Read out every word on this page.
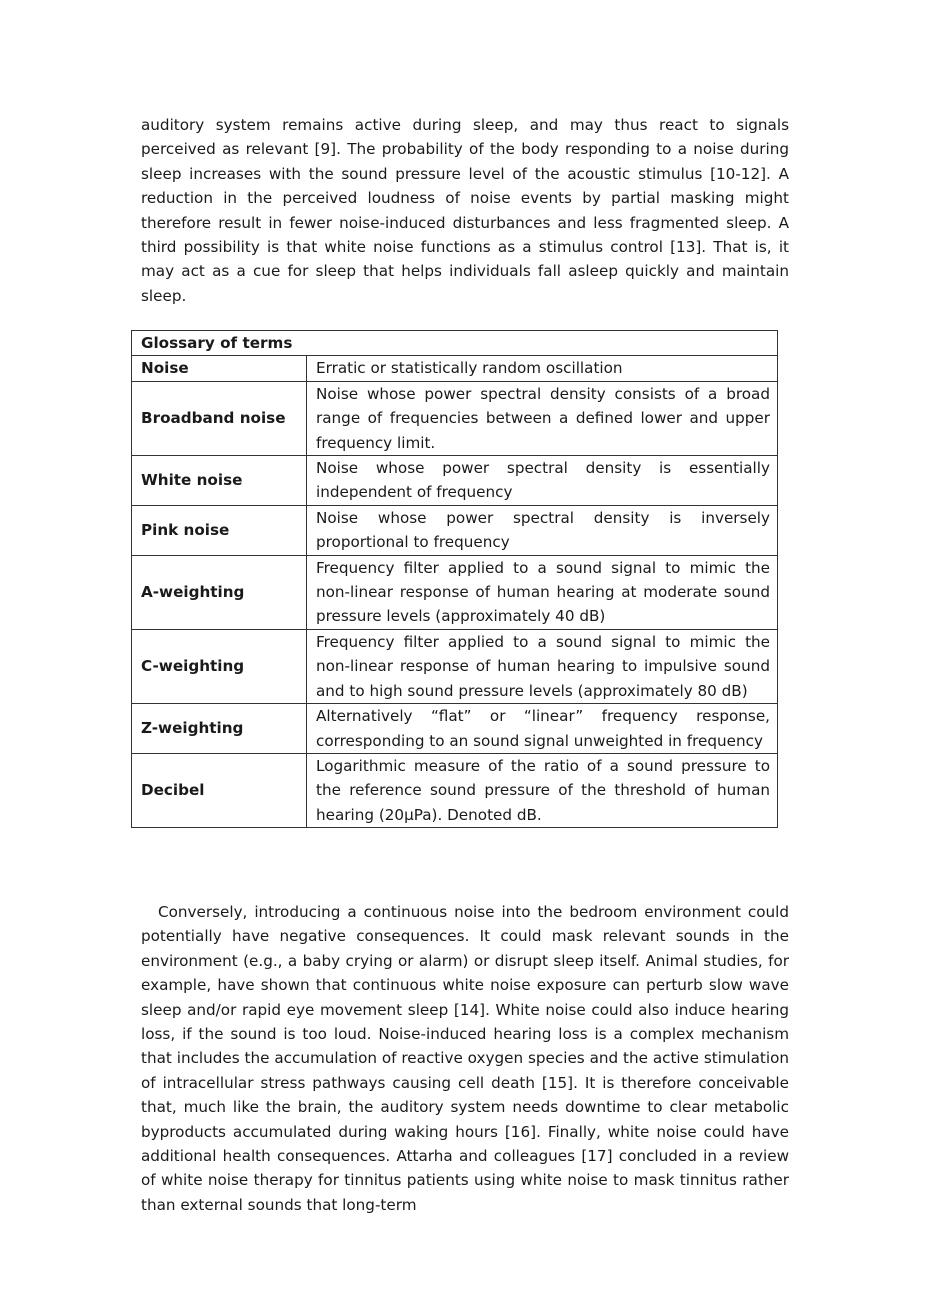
auditory system remains active during sleep, and may thus react to signals perceived as relevant [9]. The probability of the body responding to a noise during sleep increases with the sound pressure level of the acoustic stimulus [10-12]. A reduction in the perceived loudness of noise events by partial masking might therefore result in fewer noise-induced disturbances and less fragmented sleep. A third possibility is that white noise functions as a stimulus control [13]. That is, it may act as a cue for sleep that helps individuals fall asleep quickly and maintain sleep.

Glossary of terms	
Noise	Erratic or statistically random oscillation
Broadband noise	Noise whose power spectral density consists of a broad range of frequencies between a defined lower and upper frequency limit.
White noise	Noise whose power spectral density is essentially independent of frequency
Pink noise	Noise whose power spectral density is inversely proportional to frequency
A-weighting	Frequency filter applied to a sound signal to mimic the non-linear response of human hearing at moderate sound pressure levels (approximately 40 dB)
C-weighting	Frequency filter applied to a sound signal to mimic the non-linear response of human hearing to impulsive sound and to high sound pressure levels (approximately 80 dB)
Z-weighting	Alternatively “flat” or “linear” frequency response, corresponding to an sound signal unweighted in frequency
Decibel	Logarithmic measure of the ratio of a sound pressure to the reference sound pressure of the threshold of human hearing (20μPa). Denoted dB.

Conversely, introducing a continuous noise into the bedroom environment could potentially have negative consequences. It could mask relevant sounds in the environment (e.g., a baby crying or alarm) or disrupt sleep itself. Animal studies, for example, have shown that continuous white noise exposure can perturb slow wave sleep and/or rapid eye movement sleep [14]. White noise could also induce hearing loss, if the sound is too loud. Noise-induced hearing loss is a complex mechanism that includes the accumulation of reactive oxygen species and the active stimulation of intracellular stress pathways causing cell death [15]. It is therefore conceivable that, much like the brain, the auditory system needs downtime to clear metabolic byproducts accumulated during waking hours [16]. Finally, white noise could have additional health consequences. Attarha and colleagues [17] concluded in a review of white noise therapy for tinnitus patients using white noise to mask tinnitus rather than external sounds that long-term
